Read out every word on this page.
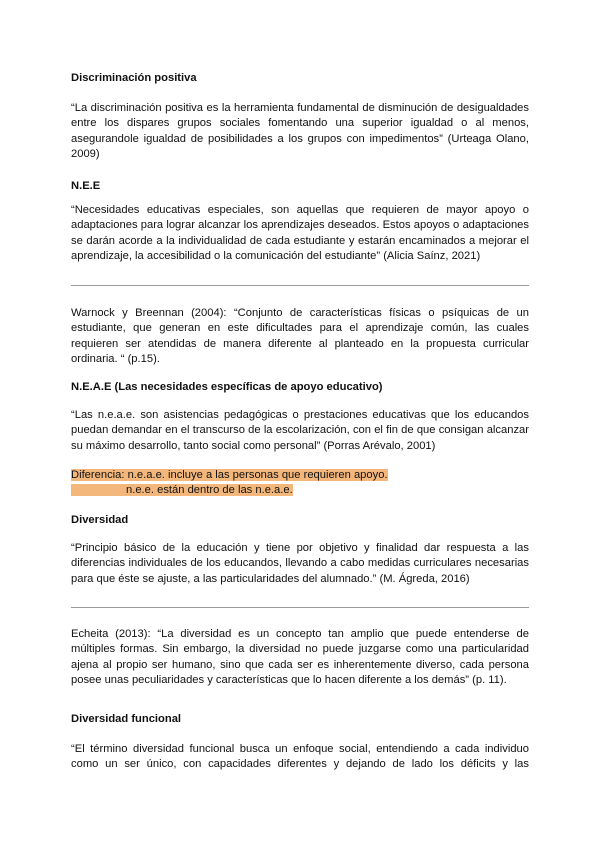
Discriminación positiva
“La discriminación positiva es la herramienta fundamental de disminución de desigualdades entre los dispares grupos sociales fomentando una superior igualdad o al menos, asegurandole igualdad de posibilidades a los grupos con impedimentos” (Urteaga Olano, 2009)
N.E.E
“Necesidades educativas especiales, son aquellas que requieren de mayor apoyo o adaptaciones para lograr alcanzar los aprendizajes deseados. Estos apoyos o adaptaciones se darán acorde a la individualidad de cada estudiante y estarán encaminados a mejorar el aprendizaje, la accesibilidad o la comunicación del estudiante” (Alicia Saínz, 2021)
Warnock y Breennan (2004): “Conjunto de características físicas o psíquicas de un estudiante, que generan en este dificultades para el aprendizaje común, las cuales requieren ser atendidas de manera diferente al planteado en la propuesta curricular ordinaria. “ (p.15).
N.E.A.E (Las necesidades específicas de apoyo educativo)
“Las n.e.a.e. son asistencias pedagógicas o prestaciones educativas que los educandos puedan demandar en el transcurso de la escolarización, con el fin de que consigan alcanzar su máximo desarrollo, tanto social como personal” (Porras Arévalo, 2001)
Diferencia: n.e.a.e. incluye a las personas que requieren apoyo.
n.e.e. están dentro de las n.e.a.e.
Diversidad
“Principio básico de la educación y tiene por objetivo y finalidad dar respuesta a las diferencias individuales de los educandos, llevando a cabo medidas curriculares necesarias para que éste se ajuste, a las particularidades del alumnado.” (M. Ágreda, 2016)
Echeita (2013): “La diversidad es un concepto tan amplio que puede entenderse de múltiples formas. Sin embargo, la diversidad no puede juzgarse como una particularidad ajena al propio ser humano, sino que cada ser es inherentemente diverso, cada persona posee unas peculiaridades y características que lo hacen diferente a los demás” (p. 11).
Diversidad funcional
“El término diversidad funcional busca un enfoque social, entendiendo a cada individuo como un ser único, con capacidades diferentes y dejando de lado los déficits y las
